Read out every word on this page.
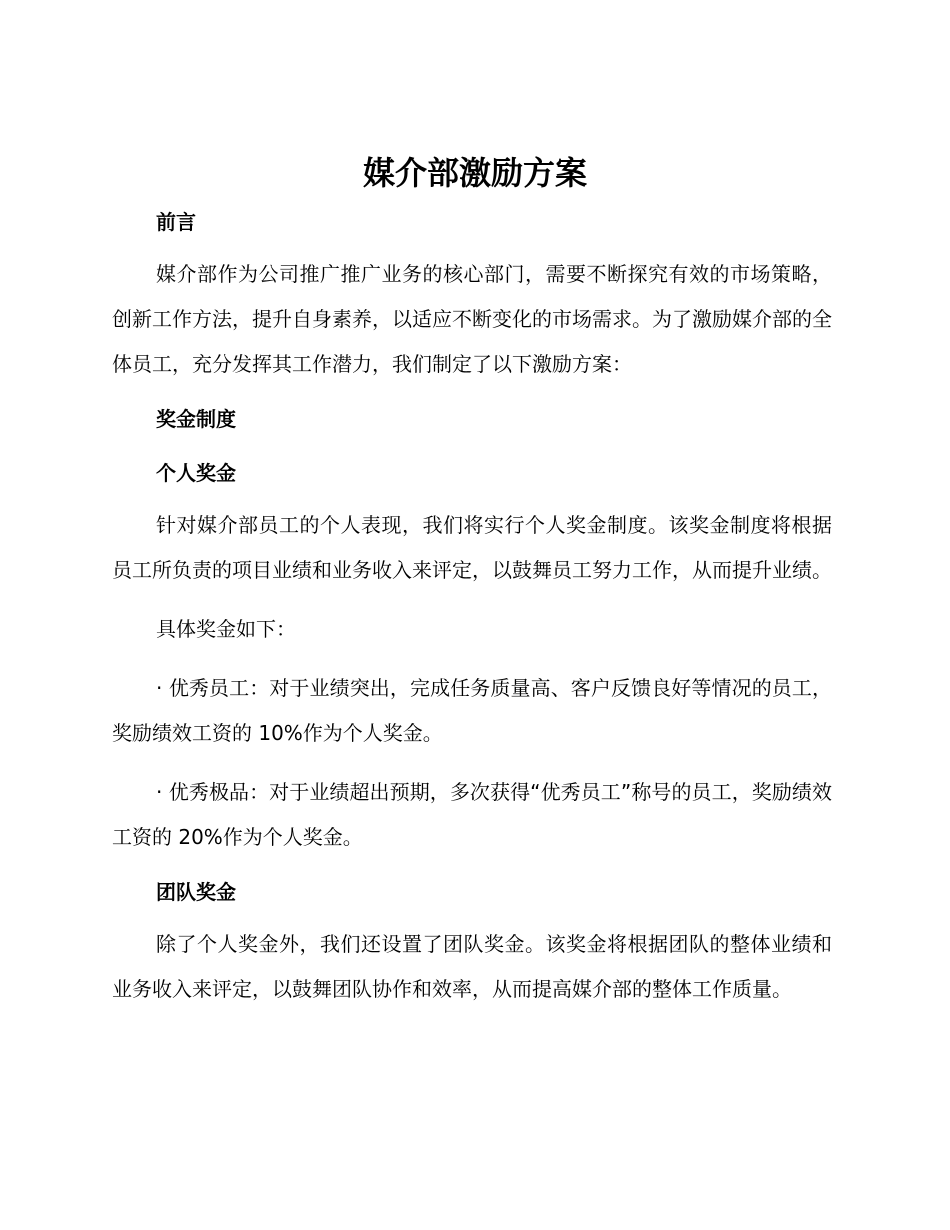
媒介部激励方案
前言

媒介部作为公司推广推广业务的核心部门，需要不断探究有效的市场策略，创新工作方法，提升自身素养，以适应不断变化的市场需求。为了激励媒介部的全体员工，充分发挥其工作潜力，我们制定了以下激励方案：

奖金制度
个人奖金

针对媒介部员工的个人表现，我们将实行个人奖金制度。该奖金制度将根据员工所负责的项目业绩和业务收入来评定，以鼓舞员工努力工作，从而提升业绩。

具体奖金如下：

· 优秀员工：对于业绩突出，完成任务质量高、客户反馈良好等情况的员工，奖励绩效工资的 10%作为个人奖金。

· 优秀极品：对于业绩超出预期，多次获得“优秀员工”称号的员工，奖励绩效工资的 20%作为个人奖金。

团队奖金

除了个人奖金外，我们还设置了团队奖金。该奖金将根据团队的整体业绩和业务收入来评定，以鼓舞团队协作和效率，从而提高媒介部的整体工作质量。
